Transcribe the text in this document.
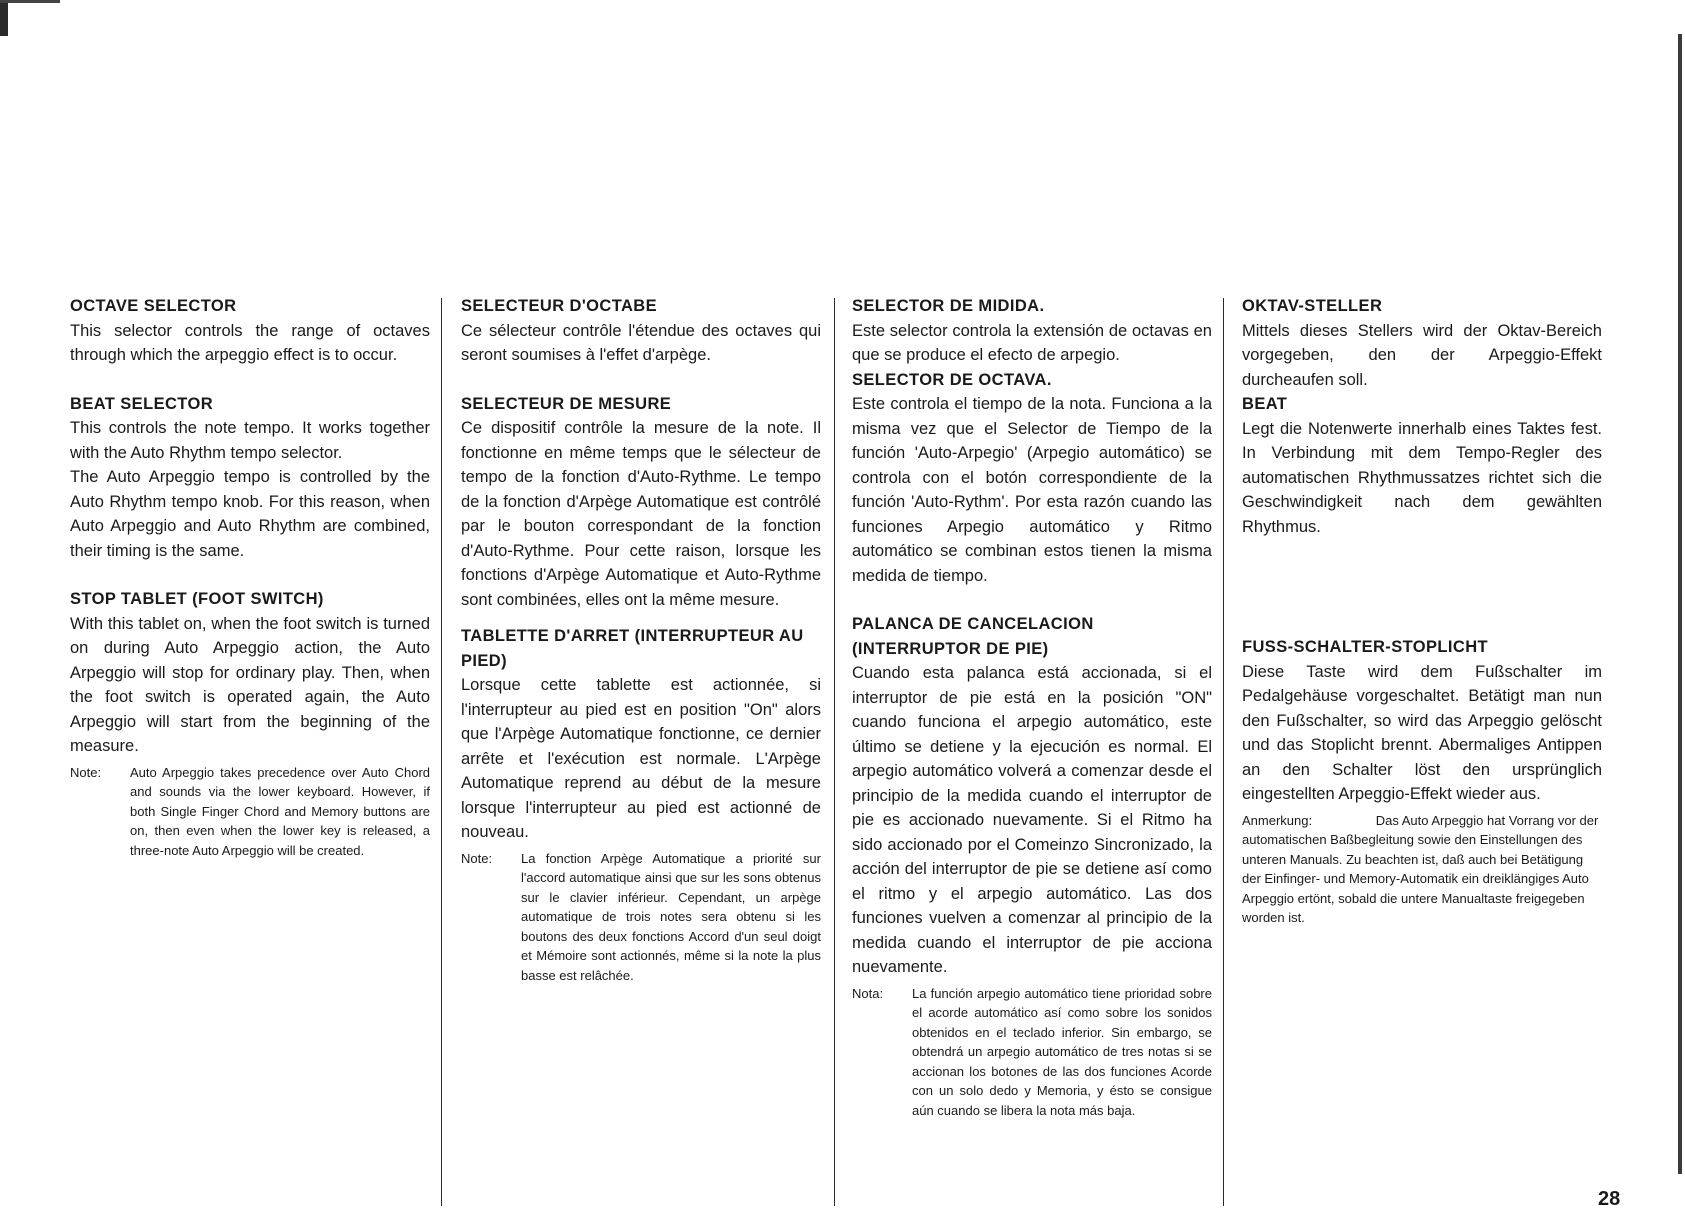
OCTAVE SELECTOR

This selector controls the range of octaves through which the arpeggio effect is to occur.

BEAT SELECTOR

This controls the note tempo. It works together with the Auto Rhythm tempo selector.

The Auto Arpeggio tempo is controlled by the Auto Rhythm tempo knob. For this reason, when Auto Arpeggio and Auto Rhythm are combined, their timing is the same.

STOP TABLET (FOOT SWITCH)

With this tablet on, when the foot switch is turned on during Auto Arpeggio action, the Auto Arpeggio will stop for ordinary play. Then, when the foot switch is operated again, the Auto Arpeggio will start from the beginning of the measure.

Note:	Auto Arpeggio takes precedence over Auto Chord and sounds via the lower keyboard. However, if both Single Finger Chord and Memory buttons are on, then even when the lower key is released, a three-note Auto Arpeggio will be created.
SELECTEUR D'OCTABE

Ce sélecteur contrôle l'étendue des octaves qui seront soumises à l'effet d'arpège.

SELECTEUR DE MESURE

Ce dispositif contrôle la mesure de la note. Il fonctionne en même temps que le sélecteur de tempo de la fonction d'Auto-Rythme. Le tempo de la fonction d'Arpège Automatique est contrôlé par le bouton correspondant de la fonction d'Auto-Rythme. Pour cette raison, lorsque les fonctions d'Arpège Automatique et Auto-Rythme sont combinées, elles ont la même mesure.

TABLETTE D'ARRET (INTERRUPTEUR AU PIED)

Lorsque cette tablette est actionnée, si l'interrupteur au pied est en position "On" alors que l'Arpège Automatique fonctionne, ce dernier arrête et l'exécution est normale. L'Arpège Automatique reprend au début de la mesure lorsque l'interrupteur au pied est actionné de nouveau.

Note:	La fonction Arpège Automatique a priorité sur l'accord automatique ainsi que sur les sons obtenus sur le clavier inférieur. Cependant, un arpège automatique de trois notes sera obtenu si les boutons des deux fonctions Accord d'un seul doigt et Mémoire sont actionnés, même si la note la plus basse est relâchée.
SELECTOR DE MIDIDA.

Este selector controla la extensión de octavas en que se produce el efecto de arpegio.

SELECTOR DE OCTAVA.

Este controla el tiempo de la nota. Funciona a la misma vez que el Selector de Tiempo de la función 'Auto-Arpegio' (Arpegio automático) se controla con el botón correspondiente de la función 'Auto-Rythm'. Por esta razón cuando las funciones Arpegio automático y Ritmo automático se combinan estos tienen la misma medida de tiempo.

PALANCA DE CANCELACION (INTERRUPTOR DE PIE)

Cuando esta palanca está accionada, si el interruptor de pie está en la posición "ON" cuando funciona el arpegio automático, este último se detiene y la ejecución es normal. El arpegio automático volverá a comenzar desde el principio de la medida cuando el interruptor de pie es accionado nuevamente. Si el Ritmo ha sido accionado por el Comeinzo Sincronizado, la acción del interruptor de pie se detiene así como el ritmo y el arpegio automático. Las dos funciones vuelven a comenzar al principio de la medida cuando el interruptor de pie acciona nuevamente.

Nota:	La función arpegio automático tiene prioridad sobre el acorde automático así como sobre los sonidos obtenidos en el teclado inferior. Sin embargo, se obtendrá un arpegio automático de tres notas si se accionan los botones de las dos funciones Acorde con un solo dedo y Memoria, y ésto se consigue aún cuando se libera la nota más baja.
OKTAV-STELLER

Mittels dieses Stellers wird der Oktav-Bereich vorgegeben, den der Arpeggio-Effekt durcheaufen soll.

BEAT

Legt die Notenwerte innerhalb eines Taktes fest. In Verbindung mit dem Tempo-Regler des automatischen Rhythmussatzes richtet sich die Geschwindigkeit nach dem gewählten Rhythmus.

FUSS-SCHALTER-STOPLICHT

Diese Taste wird dem Fußschalter im Pedalgehäuse vorgeschaltet. Betätigt man nun den Fußschalter, so wird das Arpeggio gelöscht und das Stoplicht brennt. Abermaliges Antippen an den Schalter löst den ursprünglich eingestellten Arpeggio-Effekt wieder aus.

Anmerkung:	Das Auto Arpeggio hat Vorrang vor der automatischen Baßbegleitung sowie den Einstellungen des unteren Manuals. Zu beachten ist, daß auch bei Betätigung der Einfinger- und Memory-Automatik ein dreiklängiges Auto Arpeggio ertönt, sobald die untere Manualtaste freigegeben worden ist.
28
